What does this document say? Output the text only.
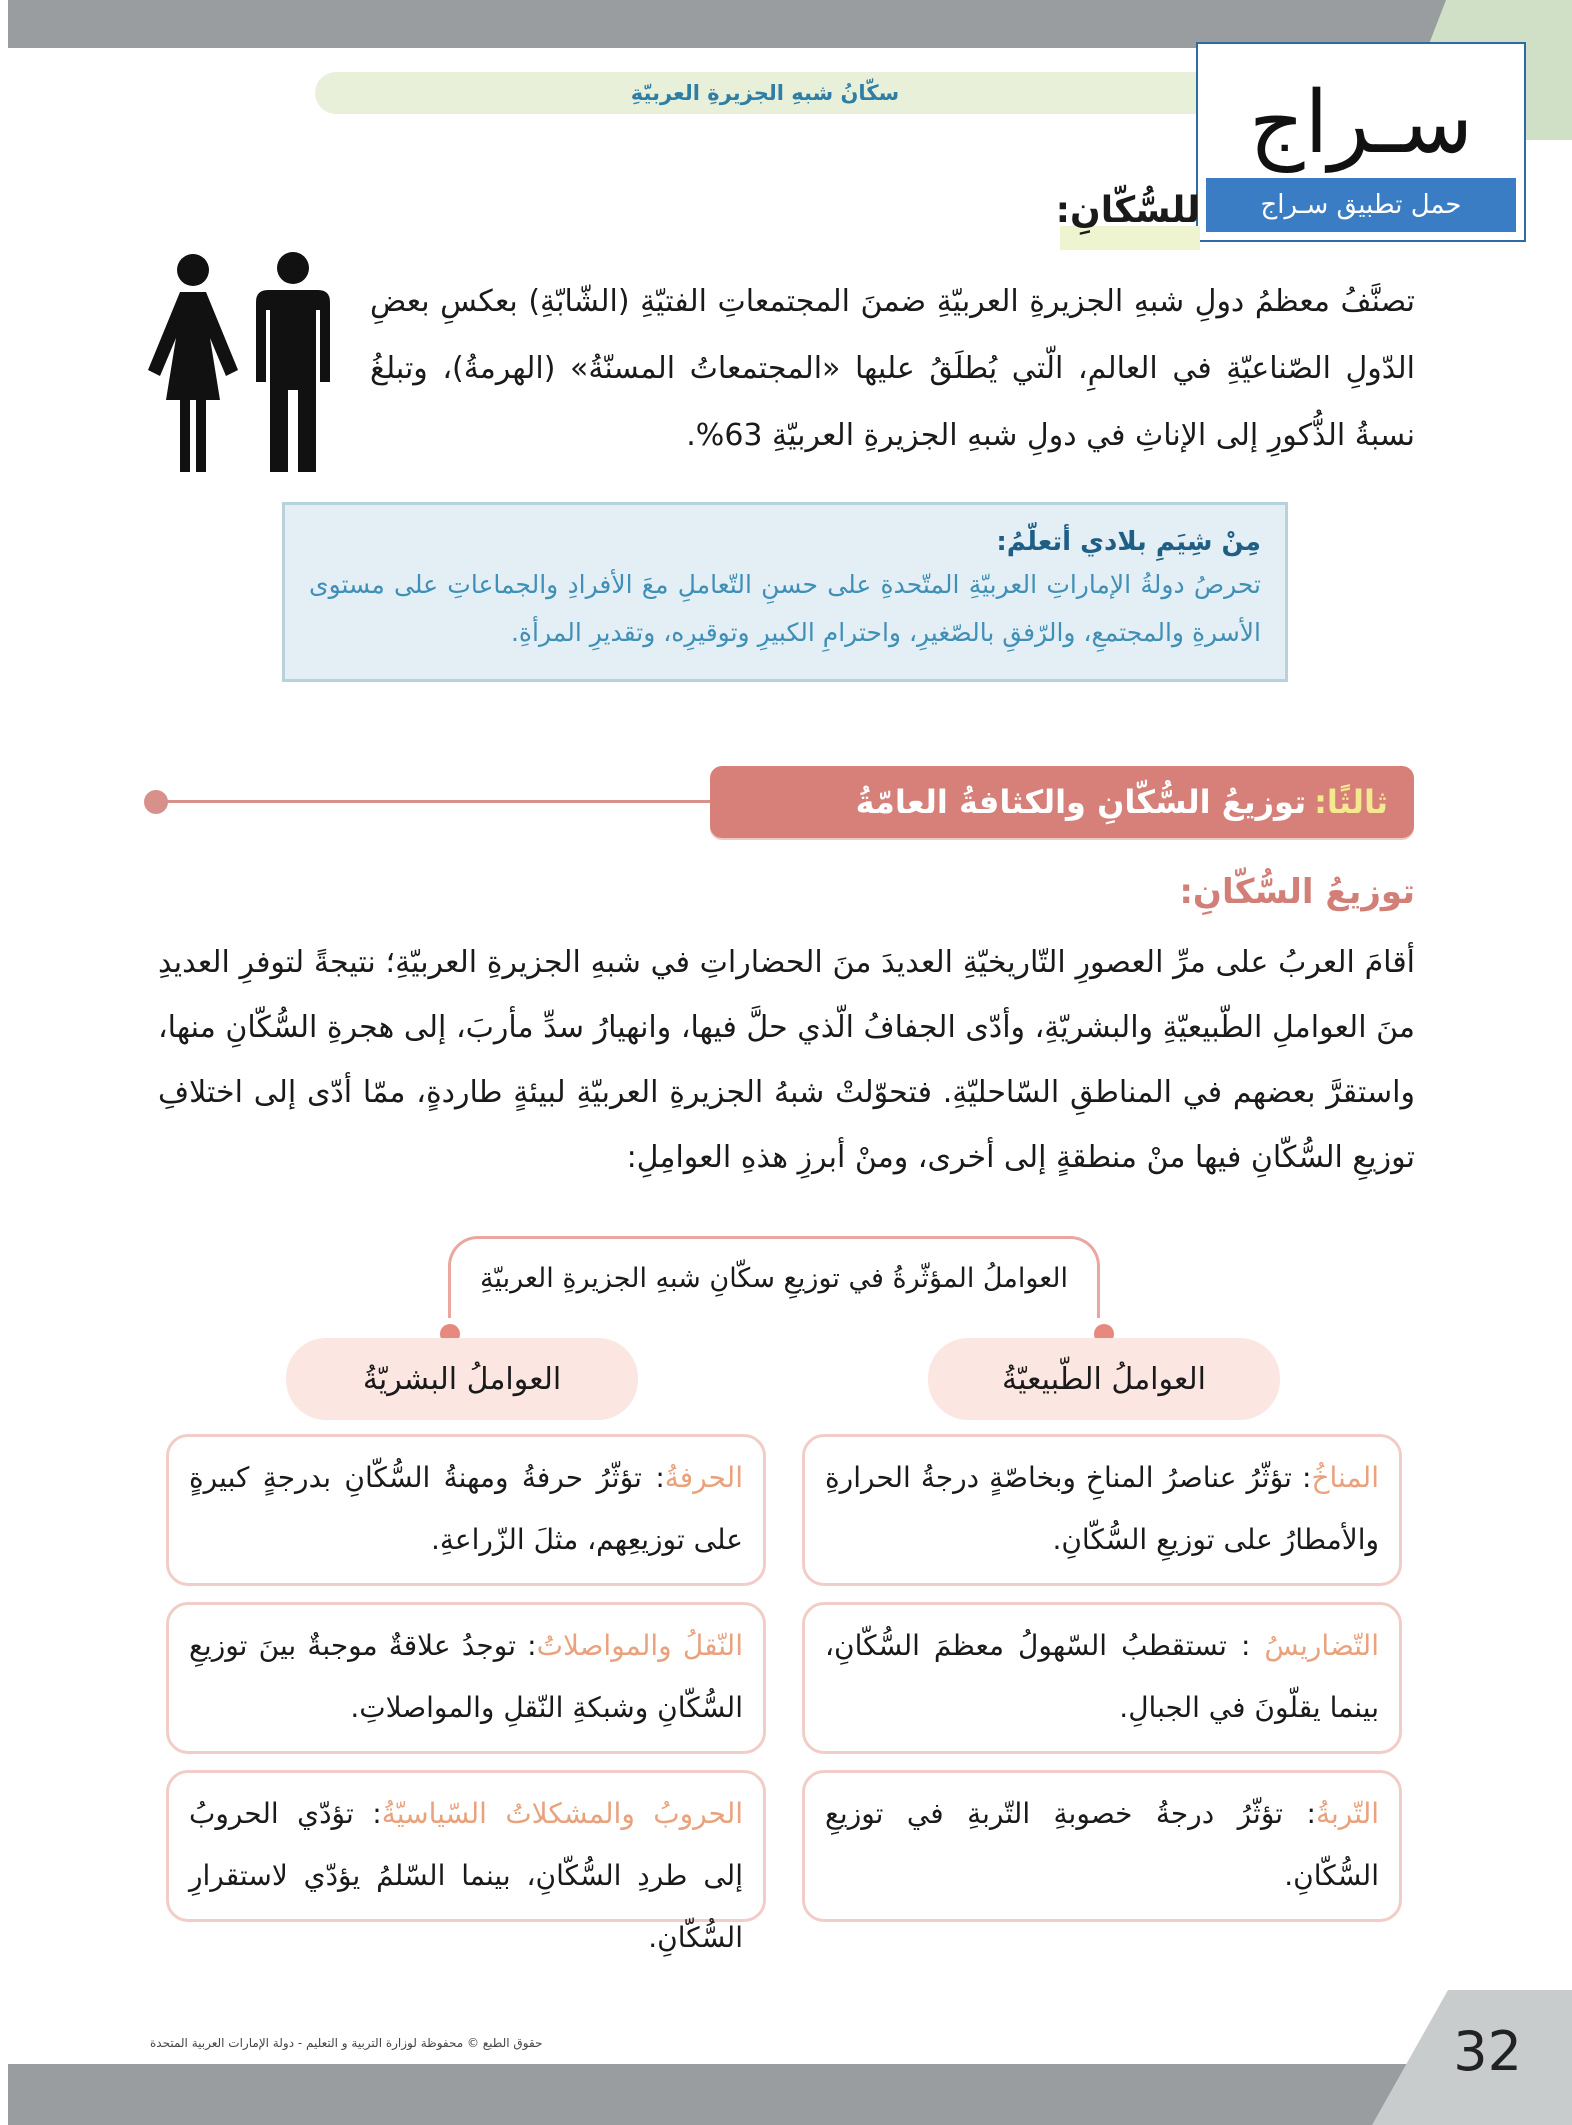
سكّانُ شبهِ الجزيرةِ العربيّةِ	سـراج
حمل تطبيق سـراج
للسُّكّانِ:
تصنَّفُ معظمُ دولِ شبهِ الجزيرةِ العربيّةِ ضمنَ المجتمعاتِ الفتيّةِ (الشّابّةِ) بعكسِ بعضِ الدّولِ الصّناعيّةِ في العالمِ، الّتي يُطلَقُ عليها «المجتمعاتُ المسنّةُ» (الهرمةُ)، وتبلغُ نسبةُ الذُّكورِ إلى الإناثِ في دولِ شبهِ الجزيرةِ العربيّةِ 63%.
مِنْ شِيَمِ بلادي أتعلّمُ:
تحرصُ دولةُ الإماراتِ العربيّةِ المتّحدةِ على حسنِ التّعاملِ معَ الأفرادِ والجماعاتِ على مستوى الأسرةِ والمجتمعِ، والرّفقِ بالصّغيرِ، واحترامِ الكبيرِ وتوقيرِه، وتقديرِ المرأةِ.
ثالثًا:
توزيعُ السُّكّانِ والكثافةُ العامّةُ
توزيعُ السُّكّانِ:
أقامَ العربُ على مرِّ العصورِ التّاريخيّةِ العديدَ منَ الحضاراتِ في شبهِ الجزيرةِ العربيّةِ؛ نتيجةً لتوفرِ العديدِ منَ العواملِ الطّبيعيّةِ والبشريّةِ، وأدّى الجفافُ الّذي حلَّ فيها، وانهيارُ سدِّ مأربَ، إلى هجرةِ السُّكّانِ منها، واستقرَّ بعضهم في المناطقِ السّاحليّةِ. فتحوّلتْ شبهُ الجزيرةِ العربيّةِ لبيئةٍ طاردةٍ، ممّا أدّى إلى اختلافِ توزيعِ السُّكّانِ فيها منْ منطقةٍ إلى أخرى، ومنْ أبرزِ هذهِ العوامِلِ:
العواملُ المؤثّرةُ في توزيعِ سكّانِ شبهِ الجزيرةِ العربيّةِ
العواملُ الطّبيعيّةُ
العواملُ البشريّةُ
المناخُ: تؤثّرُ عناصرُ المناخِ وبخاصّةٍ درجةُ الحرارةِ والأمطارُ على توزيعِ السُّكّانِ.
التّضاريسُ : تستقطبُ السّهولُ معظمَ السُّكّانِ، بينما يقلّونَ في الجبالِ.
التّربةُ: تؤثّرُ درجةُ خصوبةِ التّربةِ في توزيعِ السُّكّانِ.
الحرفةُ: تؤثّرُ حرفةُ ومهنةُ السُّكّانِ بدرجةٍ كبيرةٍ على توزيعِهم، مثلَ الزّراعةِ.
النّقلُ والمواصلاتُ: توجدُ علاقةٌ موجبةٌ بينَ توزيعِ السُّكّانِ وشبكةِ النّقلِ والمواصلاتِ.
الحروبُ والمشكلاتُ السّياسيّةُ: تؤدّي الحروبُ إلى طردِ السُّكّانِ، بينما السّلمُ يؤدّي لاستقرارِ السُّكّانِ.
32
حقوق الطبع © محفوظة لوزارة التربية و التعليم - دولة الإمارات العربية المتحدة
